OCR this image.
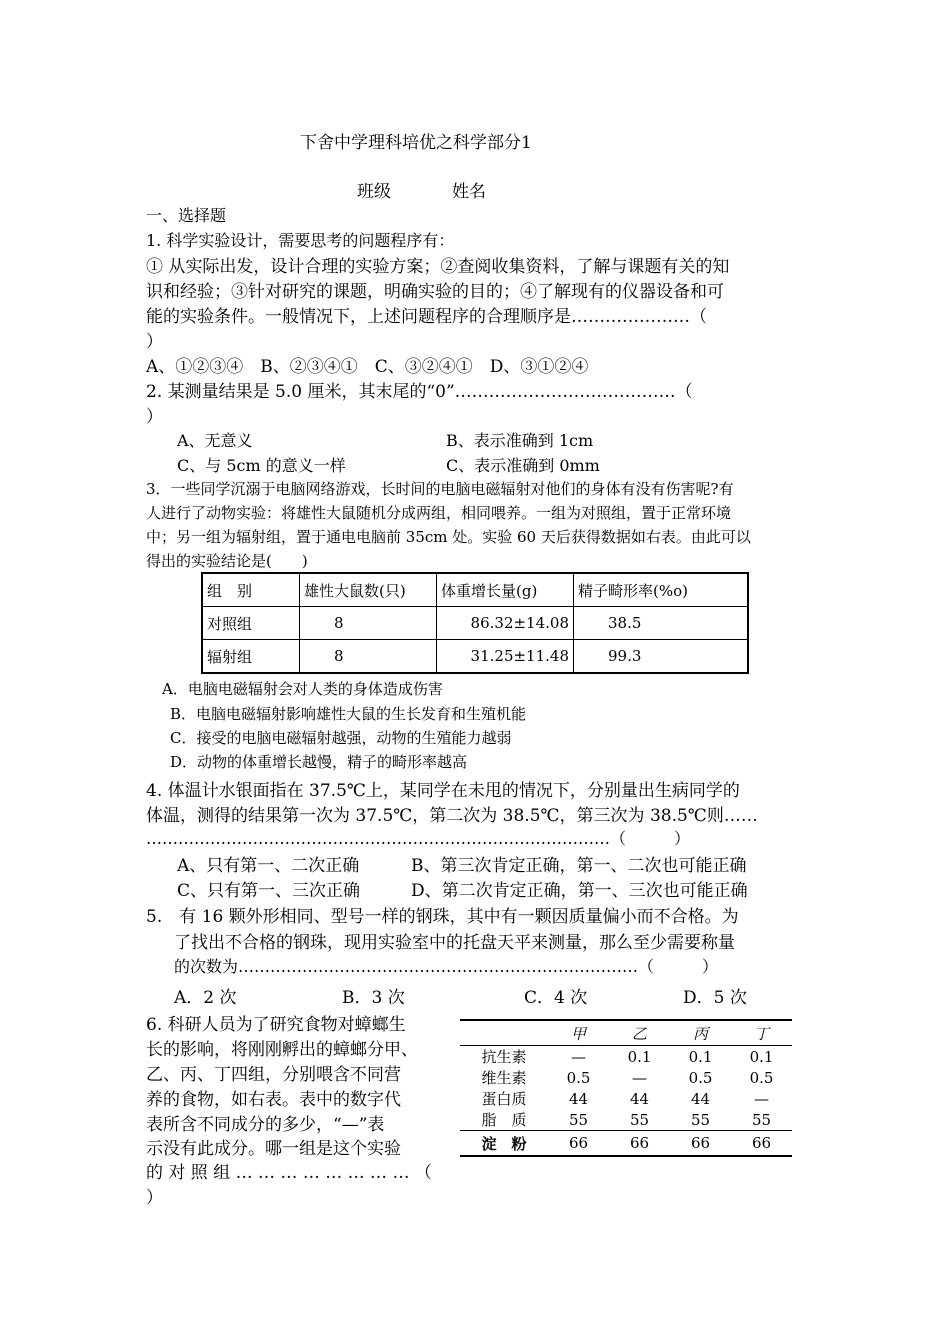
下舍中学理科培优之科学部分1
班级	姓名
一、选择题
1. 科学实验设计，需要思考的问题程序有：
① 从实际出发，设计合理的实验方案；②查阅收集资料，了解与课题有关的知
识和经验；③针对研究的课题，明确实验的目的；④了解现有的仪器设备和可
能的实验条件。一般情况下，上述问题程序的合理顺序是…………………（
）
A、①②③④　B、②③④①　C、③②④①　D、③①②④
2. 某测量结果是 5.0 厘米，其末尾的“0”…………………………………（
）
A、无意义	B、表示准确到 1cm
C、与 5cm 的意义一样	C、表示准确到 0mm
3．一些同学沉溺于电脑网络游戏，长时间的电脑电磁辐射对他们的身体有没有伤害呢?有
人进行了动物实验：将雄性大鼠随机分成两组，相同喂养。一组为对照组，置于正常环境
中；另一组为辐射组，置于通电电脑前 35cm 处。实验 60 天后获得数据如右表。由此可以
得出的实验结论是(　　)
组　别	雄性大鼠数(只)	体重增长量(g)	精子畸形率(%o)
对照组	8	86.32±14.08	38.5
辐射组	8	31.25±11.48	99.3
A．电脑电磁辐射会对人类的身体造成伤害
B．电脑电磁辐射影响雄性大鼠的生长发育和生殖机能
C．接受的电脑电磁辐射越强，动物的生殖能力越弱
D．动物的体重增长越慢，精子的畸形率越高
4. 体温计水银面指在 37.5℃上，某同学在未甩的情况下，分别量出生病同学的
体温，测得的结果第一次为 37.5℃，第二次为 38.5℃，第三次为 38.5℃则……
……………………………………………………………………………（　　　）
A、只有第一、二次正确	B、第三次肯定正确，第一、二次也可能正确
C、只有第一、三次正确	D、第二次肯定正确，第一、三次也可能正确
5.　有 16 颗外形相同、型号一样的钢珠，其中有一颗因质量偏小而不合格。为
了找出不合格的钢珠，现用实验室中的托盘天平来测量，那么至少需要称量
的次数为…………………………………………………………………（　　　）
A．2 次	B．3 次	C．4 次	D．5 次
6. 科研人员为了研究食物对蟑螂生
长的影响，将刚刚孵出的蟑螂分甲、
乙、丙、丁四组，分别喂含不同营
养的食物，如右表。表中的数字代
表所含不同成分的多少，“—”表
示没有此成分。哪一组是这个实验
的 对 照 组 … … … … … … … … （
）
	甲	乙	丙	丁
抗生素	—	0.1	0.1	0.1
维生素	0.5	—	0.5	0.5
蛋白质	44	44	44	—
脂　质	55	55	55	55
淀　粉	66	66	66	66
